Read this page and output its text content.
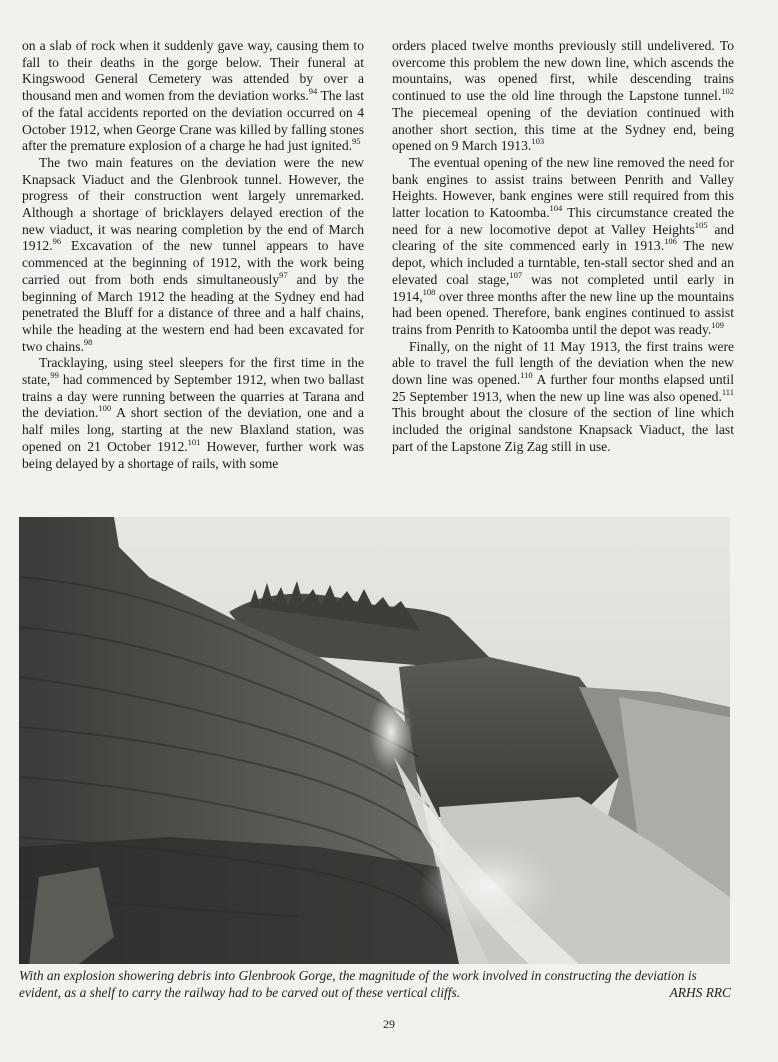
on a slab of rock when it suddenly gave way, causing them to fall to their deaths in the gorge below. Their funeral at Kingswood General Cemetery was attended by over a thousand men and women from the deviation works.$^{94}$ The last of the fatal accidents reported on the deviation occurred on 4 October 1912, when George Crane was killed by falling stones after the premature explosion of a charge he had just ignited.$^{95}$

The two main features on the deviation were the new Knapsack Viaduct and the Glenbrook tunnel. However, the progress of their construction went largely unremarked. Although a shortage of bricklayers delayed erection of the new viaduct, it was nearing completion by the end of March 1912.96 Excavation of the new tunnel appears to have commenced at the beginning of 1912, with the work being carried out from both ends simultaneously$^{97}$ and by the beginning of March 1912 the heading at the Sydney end had penetrated the Bluff for a distance of three and a half chains, while the heading at the western end had been excavated for two chains.$^{98}$

Tracklaying, using steel sleepers for the first time in the state,$^{99}$ had commenced by September 1912, when two ballast trains a day were running between the quarries at Tarana and the deviation.$^{100}$ A short section of the deviation, one and a half miles long, starting at the new Blaxland station, was opened on 21 October 1912.$^{101}$ However, further work was being delayed by a shortage of rails, with some

orders placed twelve months previously still undelivered. To overcome this problem the new down line, which ascends the mountains, was opened first, while descending trains continued to use the old line through the Lapstone tunnel.$^{102}$ The piecemeal opening of the deviation continued with another short section, this time at the Sydney end, being opened on 9 March 1913.$^{103}$

The eventual opening of the new line removed the need for bank engines to assist trains between Penrith and Valley Heights. However, bank engines were still required from this latter location to Katoomba.$^{104}$ This circumstance created the need for a new locomotive depot at Valley Heights$^{105}$ and clearing of the site commenced early in 1913.$^{106}$ The new depot, which included a turntable, ten-stall sector shed and an elevated coal stage,$^{107}$ was not completed until early in 1914,$^{108}$ over three months after the new line up the mountains had been opened. Therefore, bank engines continued to assist trains from Penrith to Katoomba until the depot was ready.$^{109}$

Finally, on the night of 11 May 1913, the first trains were able to travel the full length of the deviation when the new down line was opened.$^{110}$ A further four months elapsed until 25 September 1913, when the new up line was also opened.$^{111}$ This brought about the closure of the section of line which included the original sandstone Knapsack Viaduct, the last part of the Lapstone Zig Zag still in use.

With an explosion showering debris into Glenbrook Gorge, the magnitude of the work involved in constructing the deviation is evident, as a shelf to carry the railway had to be carved out of these vertical cliffs.	ARHS RRC
29
